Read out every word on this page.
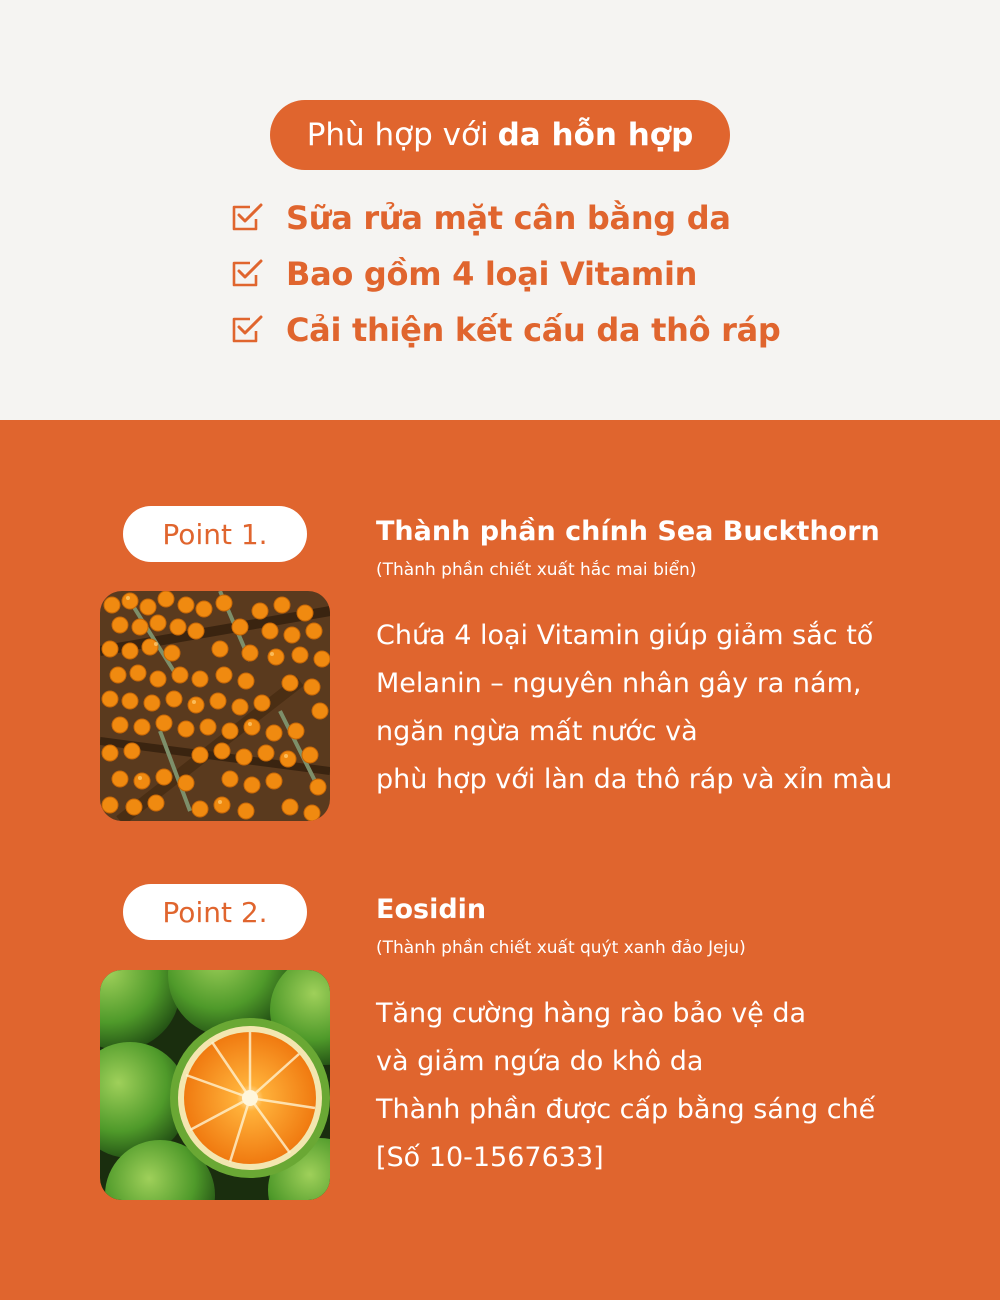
Phù hợp với da hỗn hợp
Sữa rửa mặt cân bằng da
Bao gồm 4 loại Vitamin
Cải thiện kết cấu da thô ráp
Point 1.	Thành phần chính Sea Buckthorn
(Thành phần chiết xuất hắc mai biển)
Chứa 4 loại Vitamin giúp giảm sắc tố
Melanin – nguyên nhân gây ra nám,
ngăn ngừa mất nước và
phù hợp với làn da thô ráp và xỉn màu
Point 2.	Eosidin
(Thành phần chiết xuất quýt xanh đảo Jeju)
Tăng cường hàng rào bảo vệ da
và giảm ngứa do khô da
Thành phần được cấp bằng sáng chế
[Số 10-1567633]
